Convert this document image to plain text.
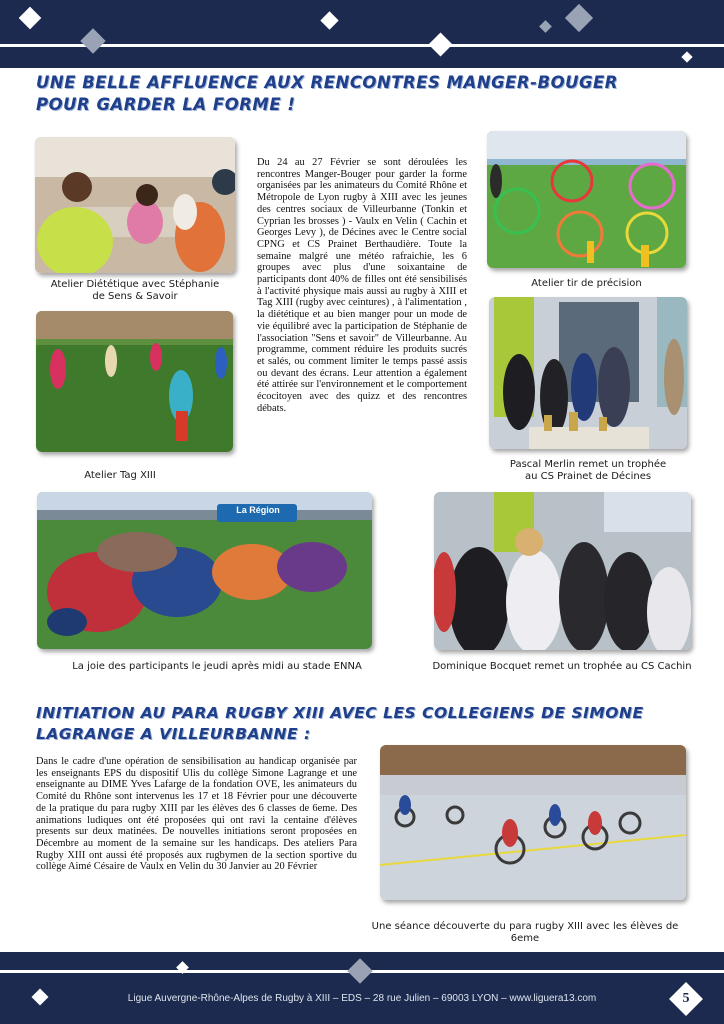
UNE BELLE AFFLUENCE AUX RENCONTRES MANGER-BOUGER
POUR GARDER LA FORME !

Atelier Diététique avec Stéphanie
de Sens & Savoir

Atelier Tag XIII

Du 24 au 27 Février se sont déroulées les rencontres Manger-Bouger pour garder la forme organisées par les animateurs du Comité Rhône et Métropole de Lyon rugby à XIII avec les jeunes des centres sociaux de Villeurbanne (Tonkin et Cyprian les brosses ) - Vaulx en Velin ( Cachin et Georges Levy ), de Décines avec le Centre social CPNG et CS Prainet Berthaudière. Toute la semaine malgré une météo rafraichie, les 6 groupes avec plus d'une soixantaine de participants dont 40% de filles ont été sensibilisés à l'activité physique mais aussi au rugby à XIII et Tag XIII (rugby avec ceintures) , à l'alimentation , la diététique et au bien manger pour un mode de vie équilibré avec la participation de Stéphanie de l'association "Sens et savoir" de Villeurbanne. Au programme, comment réduire les produits sucrés et salés, ou comment limiter le temps passé assis ou devant des écrans. Leur attention a également été attirée sur l'environnement et le comportement écocitoyen avec des quizz et des rencontres débats.

Atelier tir de précision

Pascal Merlin remet un trophée
au CS Prainet de Décines

La Région

La joie des participants le jeudi après midi au stade ENNA	Dominique Bocquet remet un trophée au CS Cachin

INITIATION AU PARA RUGBY XIII AVEC LES COLLEGIENS DE SIMONE
LAGRANGE A VILLEURBANNE :

Dans le cadre d'une opération de sensibilisation au handicap organisée par les enseignants EPS du dispositif Ulis du collège Simone Lagrange et une enseignante au DIME Yves Lafarge de la fondation OVE, les animateurs du Comité du Rhône sont intervenus les 17 et 18 Février pour une découverte de la pratique du para rugby XIII par les élèves des 6 classes de 6eme. Des animations ludiques ont été proposées qui ont ravi la centaine d'élèves presents sur deux matinées. De nouvelles initiations seront proposées en Décembre au moment de la semaine sur les handicaps. Des ateliers Para Rugby XIII ont aussi été proposés aux rugbymen de la section sportive du collège Aimé Césaire de Vaulx en Velin du 30 Janvier au 20 Février

Une séance découverte du para rugby XIII avec les élèves de 6eme

Ligue Auvergne-Rhône-Alpes de Rugby à XIII – EDS – 28 rue Julien – 69003 LYON – www.liguera13.com	5
